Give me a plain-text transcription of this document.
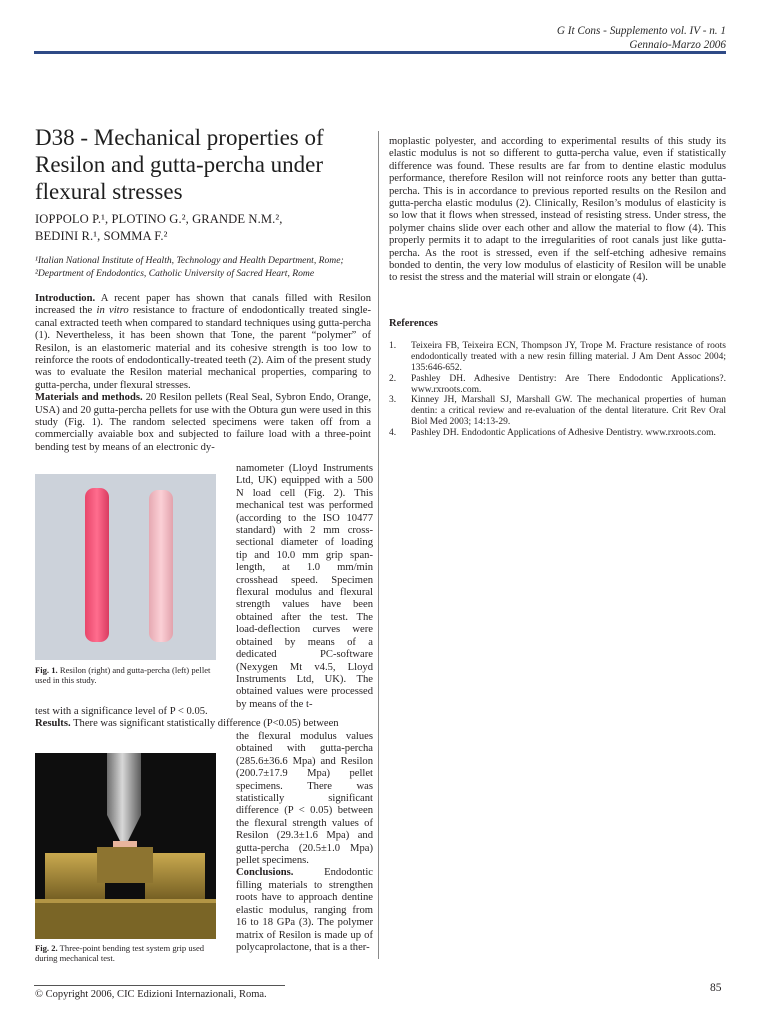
G It Cons - Supplemento vol. IV - n. 1
Gennaio-Marzo 2006
D38 - Mechanical properties of Resilon and gutta-percha under flexural stresses
IOPPOLO P.¹, PLOTINO G.², GRANDE N.M.²,
BEDINI R.¹, SOMMA F.²
¹Italian National Institute of Health, Technology and Health Department, Rome; ²Department of Endodontics, Catholic University of Sacred Heart, Rome
Introduction. A recent paper has shown that canals filled with Resilon increased the in vitro resistance to fracture of endodontically treated single-canal extracted teeth when compared to standard techniques using gutta-percha (1). Nevertheless, it has been shown that Tone, the parent “polymer” of Resilon, is an elastomeric material and its cohesive strength is too low to reinforce the roots of endodontically-treated teeth (2). Aim of the present study was to evaluate the Resilon material mechanical properties, comparing to gutta-percha, under flexural stresses.
Materials and methods. 20 Resilon pellets (Real Seal, Sybron Endo, Orange, USA) and 20 gutta-percha pellets for use with the Obtura gun were used in this study (Fig. 1). The random selected specimens were taken off from a commercially avaiable box and subjected to failure load with a three-point bending test by means of an electronic dy-
Fig. 1. Resilon (right) and gutta-percha (left) pellet used in this study.
namometer (Lloyd Instruments Ltd, UK) equipped with a 500 N load cell (Fig. 2). This mechanical test was performed (according to the ISO 10477 standard) with 2 mm cross-sectional diameter of loading tip and 10.0 mm grip span-length, at 1.0 mm/min crosshead speed. Specimen flexural modulus and flexural strength values have been obtained after the test. The load-deflection curves were obtained by means of a dedicated PC-software (Nexygen Mt v4.5, Lloyd Instruments Ltd, UK). The obtained values were processed by means of the t-
test with a significance level of P < 0.05.
Results. There was significant statistically difference (P<0.05) between
Fig. 2. Three-point bending test system grip used during mechanical test.
the flexural modulus values obtained with gutta-percha (285.6±36.6 Mpa) and Resilon (200.7±17.9 Mpa) pellet specimens. There was statistically significant difference (P < 0.05) between the flexural strength values of Resilon (29.3±1.6 Mpa) and gutta-percha (20.5±1.0 Mpa) pellet specimens.
Conclusions. Endodontic filling materials to strengthen roots have to approach dentine elastic modulus, ranging from 16 to 18 GPa (3). The polymer matrix of Resilon is made up of polycaprolactone, that is a ther-
moplastic polyester, and according to experimental results of this study its elastic modulus is not so different to gutta-percha value, even if statistically difference was found. These results are far from to dentine elastic modulus performance, therefore Resilon will not reinforce roots any better than gutta-percha. This is in accordance to previous reported results on the Resilon and gutta-percha elastic modulus (2). Clinically, Resilon’s modulus of elasticity is so low that it flows when stressed, instead of resisting stress. Under stress, the polymer chains slide over each other and allow the material to flow (4). This properly permits it to adapt to the irregularities of root canals just like gutta-percha. As the root is stressed, even if the self-etching adhesive remains bonded to dentin, the very low modulus of elasticity of Resilon will be unable to resist the stress and the material will strain or elongate (4).
References
1. Teixeira FB, Teixeira ECN, Thompson JY, Trope M. Fracture resistance of roots endodontically treated with a new resin filling material. J Am Dent Assoc 2004; 135:646-652.
2. Pashley DH. Adhesive Dentistry: Are There Endodontic Applications?. www.rxroots.com.
3. Kinney JH, Marshall SJ, Marshall GW. The mechanical properties of human dentin: a critical review and re-evaluation of the dental literature. Crit Rev Oral Biol Med 2003; 14:13-29.
4. Pashley DH. Endodontic Applications of Adhesive Dentistry. www.rxroots.com.
© Copyright 2006, CIC Edizioni Internazionali, Roma.
85
